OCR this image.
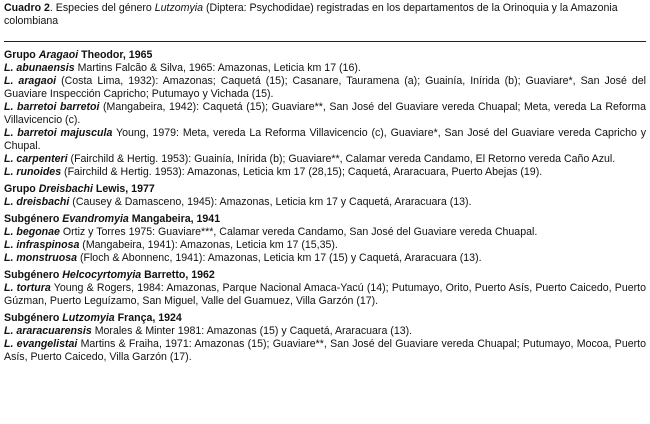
Cuadro 2. Especies del género Lutzomyia (Diptera: Psychodidae) registradas en los departamentos de la Orinoquia y la Amazonia colombiana

Grupo Aragaoi Theodor, 1965

L. abunaensis Martins Falcão & Silva, 1965: Amazonas, Leticia km 17 (16).

L. aragaoi (Costa Lima, 1932): Amazonas; Caquetá (15); Casanare, Tauramena (a); Guainía, Inírida (b); Guaviare*, San José del Guaviare Inspección Capricho; Putumayo y Vichada (15).

L. barretoi barretoi (Mangabeira, 1942): Caquetá (15); Guaviare**, San José del Guaviare vereda Chuapal; Meta, vereda La Reforma Villavicencio (c).

L. barretoi majuscula Young, 1979: Meta, vereda La Reforma Villavicencio (c), Guaviare*, San José del Guaviare vereda Capricho y Chupal.

L. carpenteri (Fairchild & Hertig. 1953): Guainía, Inírida (b); Guaviare**, Calamar vereda Candamo, El Retorno vereda Caño Azul.

L. runoides (Fairchild & Hertig. 1953): Amazonas, Leticia km 17 (28,15); Caquetá, Araracuara, Puerto Abejas (19).

Grupo Dreisbachi Lewis, 1977

L. dreisbachi (Causey & Damasceno, 1945): Amazonas, Leticia km 17 y Caquetá, Araracuara (13).

Subgénero Evandromyia Mangabeira, 1941

L. begonae Ortiz y Torres 1975: Guaviare***, Calamar vereda Candamo, San José del Guaviare vereda Chuapal.

L. infraspinosa (Mangabeira, 1941): Amazonas, Leticia km 17 (15,35).

L. monstruosa (Floch & Abonnenc, 1941): Amazonas, Leticia km 17 (15) y Caquetá, Araracuara (13).

Subgénero Helcocyrtomyia Barretto, 1962

L. tortura Young & Rogers, 1984: Amazonas, Parque Nacional Amaca-Yacú (14); Putumayo, Orito, Puerto Asís, Puerto Caicedo, Puerto Gúzman, Puerto Leguízamo, San Miguel, Valle del Guamuez, Villa Garzón (17).

Subgénero Lutzomyia França, 1924

L. araracuarensis Morales & Minter 1981: Amazonas (15) y Caquetá, Araracuara (13).

L. evangelistai Martins & Fraiha, 1971: Amazonas (15); Guaviare**, San José del Guaviare vereda Chuapal; Putumayo, Mocoa, Puerto Asís, Puerto Caicedo, Villa Garzón (17).
